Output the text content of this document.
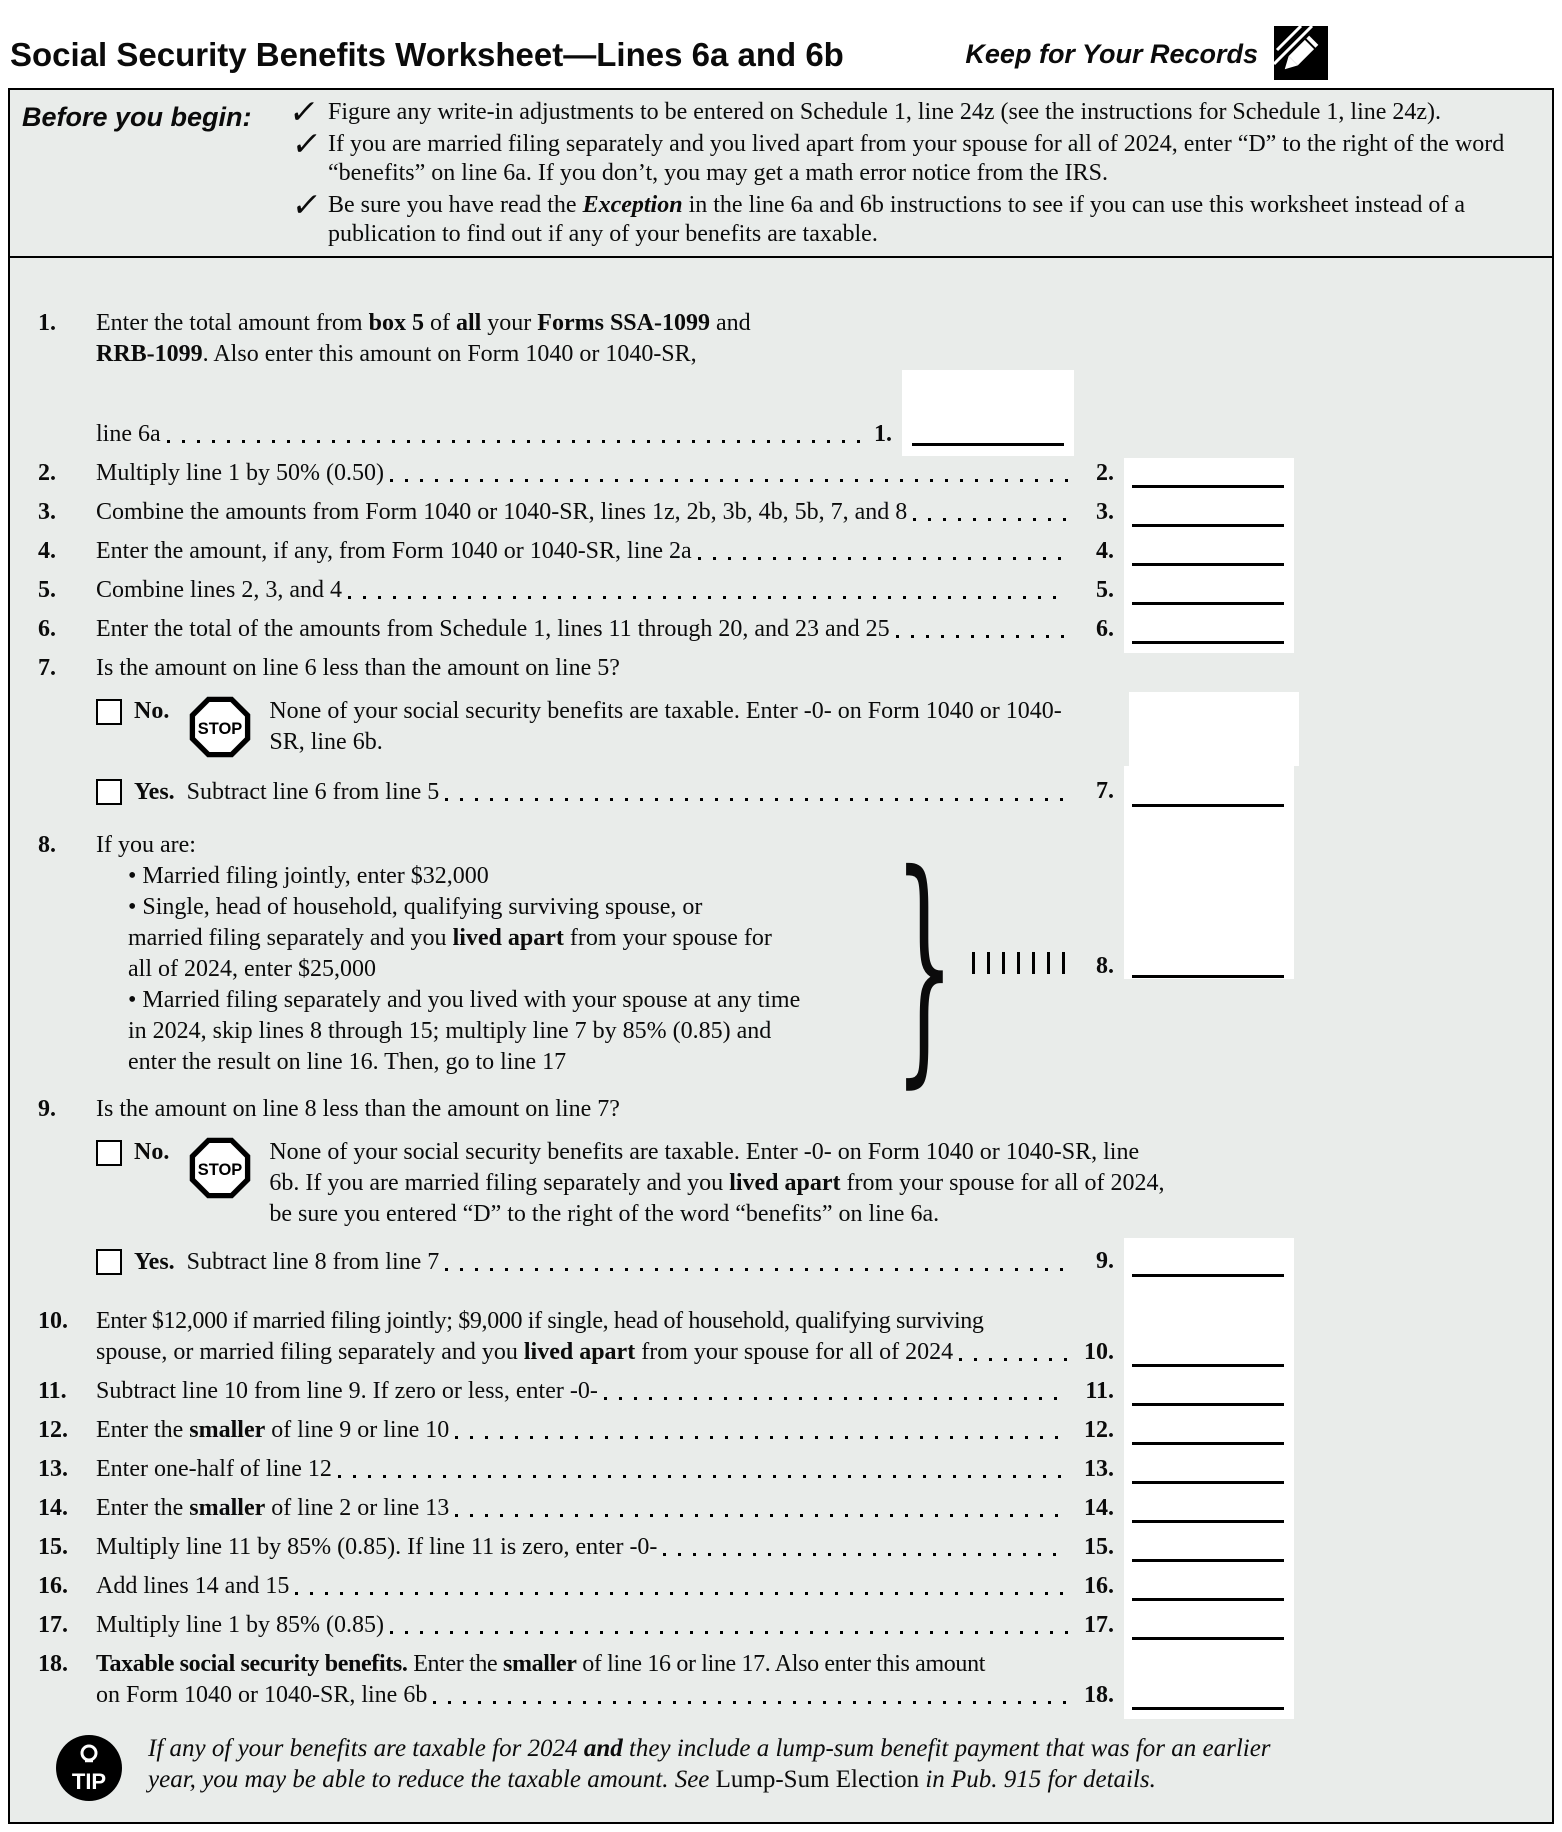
Social Security Benefits Worksheet—Lines 6a and 6b	Keep for Your Records
Before you begin:	✓ Figure any write-in adjustments to be entered on Schedule 1, line 24z (see the instructions for Schedule 1, line 24z).
✓ If you are married filing separately and you lived apart from your spouse for all of 2024, enter “D” to the right of the word “benefits” on line 6a. If you don’t, you may get a math error notice from the IRS.
✓ Be sure you have read the Exception in the line 6a and 6b instructions to see if you can use this worksheet instead of a publication to find out if any of your benefits are taxable.
1.	Enter the total amount from box 5 of all your Forms SSA-1099 and
RRB-1099. Also enter this amount on Form 1040 or 1040-SR,
line 6a	1.
2.	Multiply line 1 by 50% (0.50)	2.
3.	Combine the amounts from Form 1040 or 1040-SR, lines 1z, 2b, 3b, 4b, 5b, 7, and 8	3.
4.	Enter the amount, if any, from Form 1040 or 1040-SR, line 2a	4.
5.	Combine lines 2, 3, and 4	5.
6.	Enter the total of the amounts from Schedule 1, lines 11 through 20, and 23 and 25	6.
7.	Is the amount on line 6 less than the amount on line 5?
No.
STOP
None of your social security benefits are taxable. Enter -0- on Form 1040 or 1040-SR, line 6b.
Yes. Subtract line 6 from line 5	7.
8.	If you are:
• Married filing jointly, enter $32,000
• Single, head of household, qualifying surviving spouse, or
married filing separately and you lived apart from your spouse for
all of 2024, enter $25,000
• Married filing separately and you lived with your spouse at any time
in 2024, skip lines 8 through 15; multiply line 7 by 85% (0.85) and
enter the result on line 16. Then, go to line 17	}	8.
9.	Is the amount on line 8 less than the amount on line 7?
No.
STOP
None of your social security benefits are taxable. Enter -0- on Form 1040 or 1040-SR, line 6b. If you are married filing separately and you lived apart from your spouse for all of 2024, be sure you entered “D” to the right of the word “benefits” on line 6a.
Yes. Subtract line 8 from line 7	9.
10.	Enter $12,000 if married filing jointly; $9,000 if single, head of household, qualifying surviving
spouse, or married filing separately and you lived apart from your spouse for all of 2024	10.
11.	Subtract line 10 from line 9. If zero or less, enter -0-	11.
12.	Enter the smaller of line 9 or line 10	12.
13.	Enter one-half of line 12	13.
14.	Enter the smaller of line 2 or line 13	14.
15.	Multiply line 11 by 85% (0.85). If line 11 is zero, enter -0-	15.
16.	Add lines 14 and 15	16.
17.	Multiply line 1 by 85% (0.85)	17.
18.	Taxable social security benefits. Enter the smaller of line 16 or line 17. Also enter this amount
on Form 1040 or 1040-SR, line 6b	18.
TIP
If any of your benefits are taxable for 2024 and they include a lump-sum benefit payment that was for an earlier year, you may be able to reduce the taxable amount. See Lump-Sum Election in Pub. 915 for details.
